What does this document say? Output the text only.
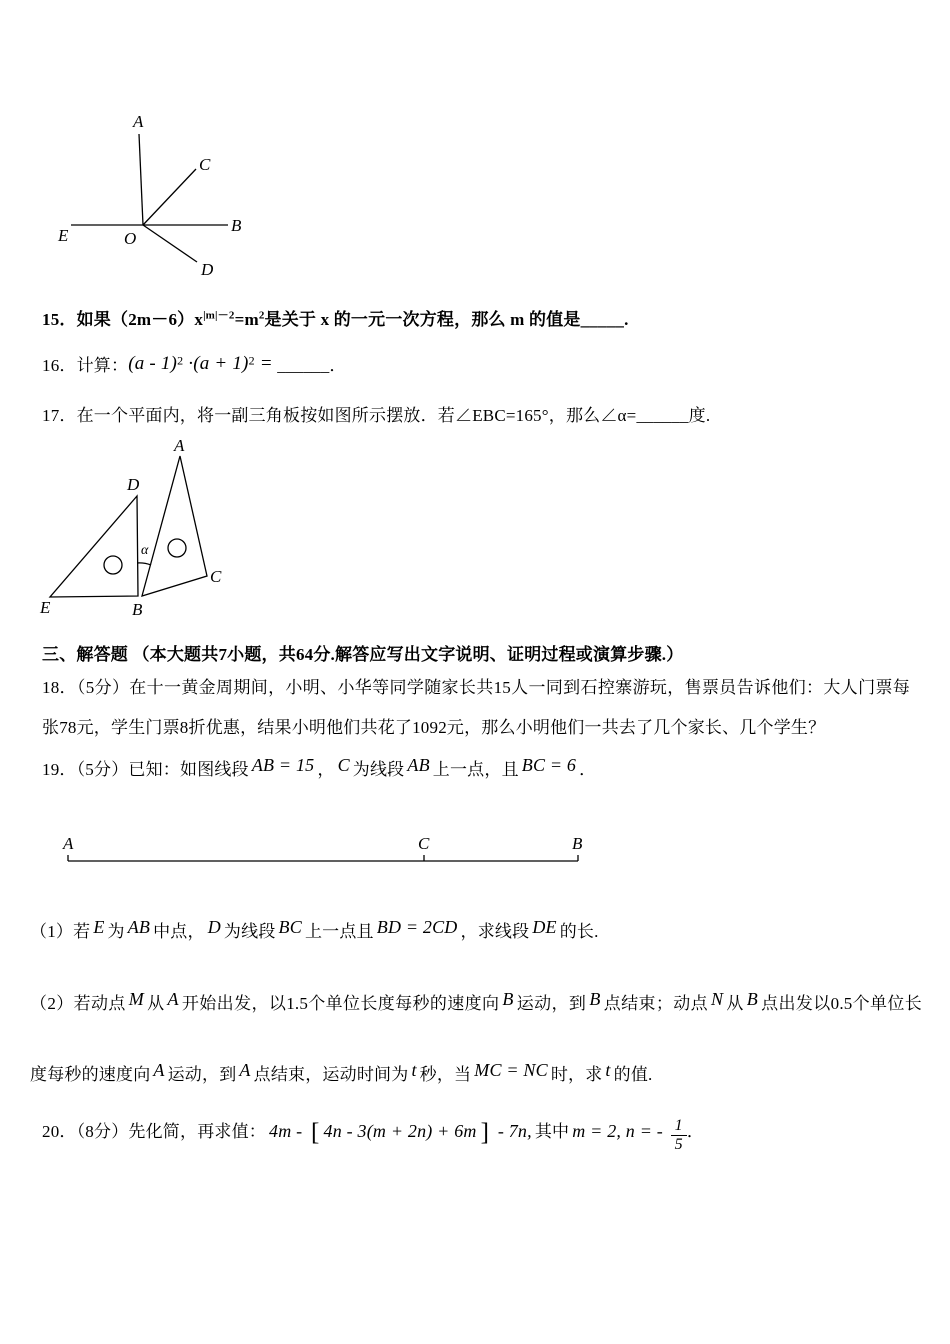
A
C
E	O
B
D
15．如果$(2m-6)x^{|m|-2}=m^2$是关于 x 的一元一次方程，那么 m 的值是_____.
16．计算：$(a - 1)^2 \cdot(a + 1)^2$ = ______．
17．在一个平面内，将一副三角板按如图所示摆放．若∠EBC=165°，那么∠α=______度.
A
D
E	B
C
α
三、解答题 （本大题共7小题，共64分.解答应写出文字说明、证明过程或演算步骤.）
18．（5分）在十一黄金周期间，小明、小华等同学随家长共15人一同到石控寨游玩，售票员告诉他们：大人门票每张78元，学生门票8折优惠，结果小明他们共花了1092元，那么小明他们一共去了几个家长、几个学生？
19．（5分）已知：如图线段 AB = 15 ， C 为线段 AB 上一点，且 BC = 6 ．
A	C	B
（1）若 E 为 AB 中点， D 为线段 BC 上一点且 BD = 2CD ，求线段 DE 的长.
（2）若动点 M 从 A 开始出发，以1.5个单位长度每秒的速度向 B 运动，到 B 点结束；动点 N 从 B 点出发以0.5个单位长度每秒的速度向 A 运动，到 A 点结束，运动时间为 t 秒，当 MC = NC 时，求 t 的值.
20．（8分）先化简，再求值： 4m - [ 4n - 3(m + 2n) + 6m ] - 7n, 其中 m = 2, n = - $\frac{1}{5}$ ．
